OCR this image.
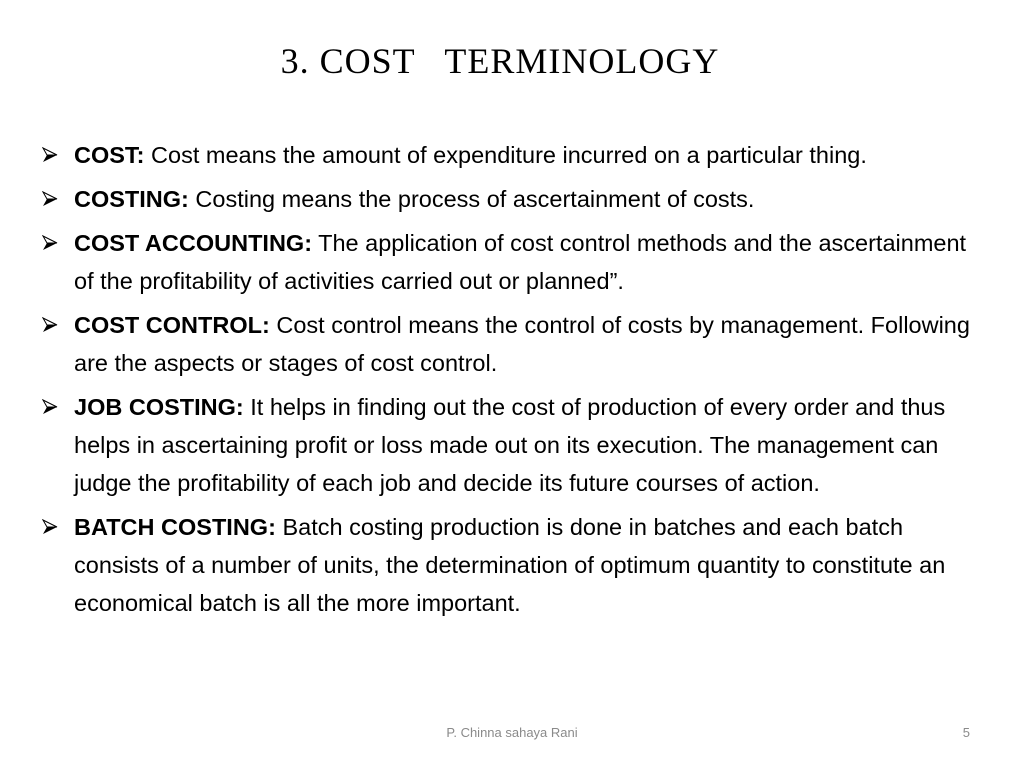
3. COST   TERMINOLOGY
COST: Cost means the amount of expenditure incurred on a particular thing.
COSTING: Costing means the process of ascertainment of costs.
COST ACCOUNTING: The application of cost control methods and the ascertainment of the profitability of activities carried out or planned”.
COST CONTROL: Cost control means the control of costs by management. Following are the aspects or stages of cost control.
JOB COSTING: It helps in finding out the cost of production of every order and thus helps in ascertaining profit or loss made out on its execution. The management can judge the profitability of each job and decide its future courses of action.
BATCH COSTING: Batch costing production is done in batches and each batch consists of a number of units, the determination of optimum quantity to constitute an economical batch is all the more important.
P. Chinna sahaya Rani	5
